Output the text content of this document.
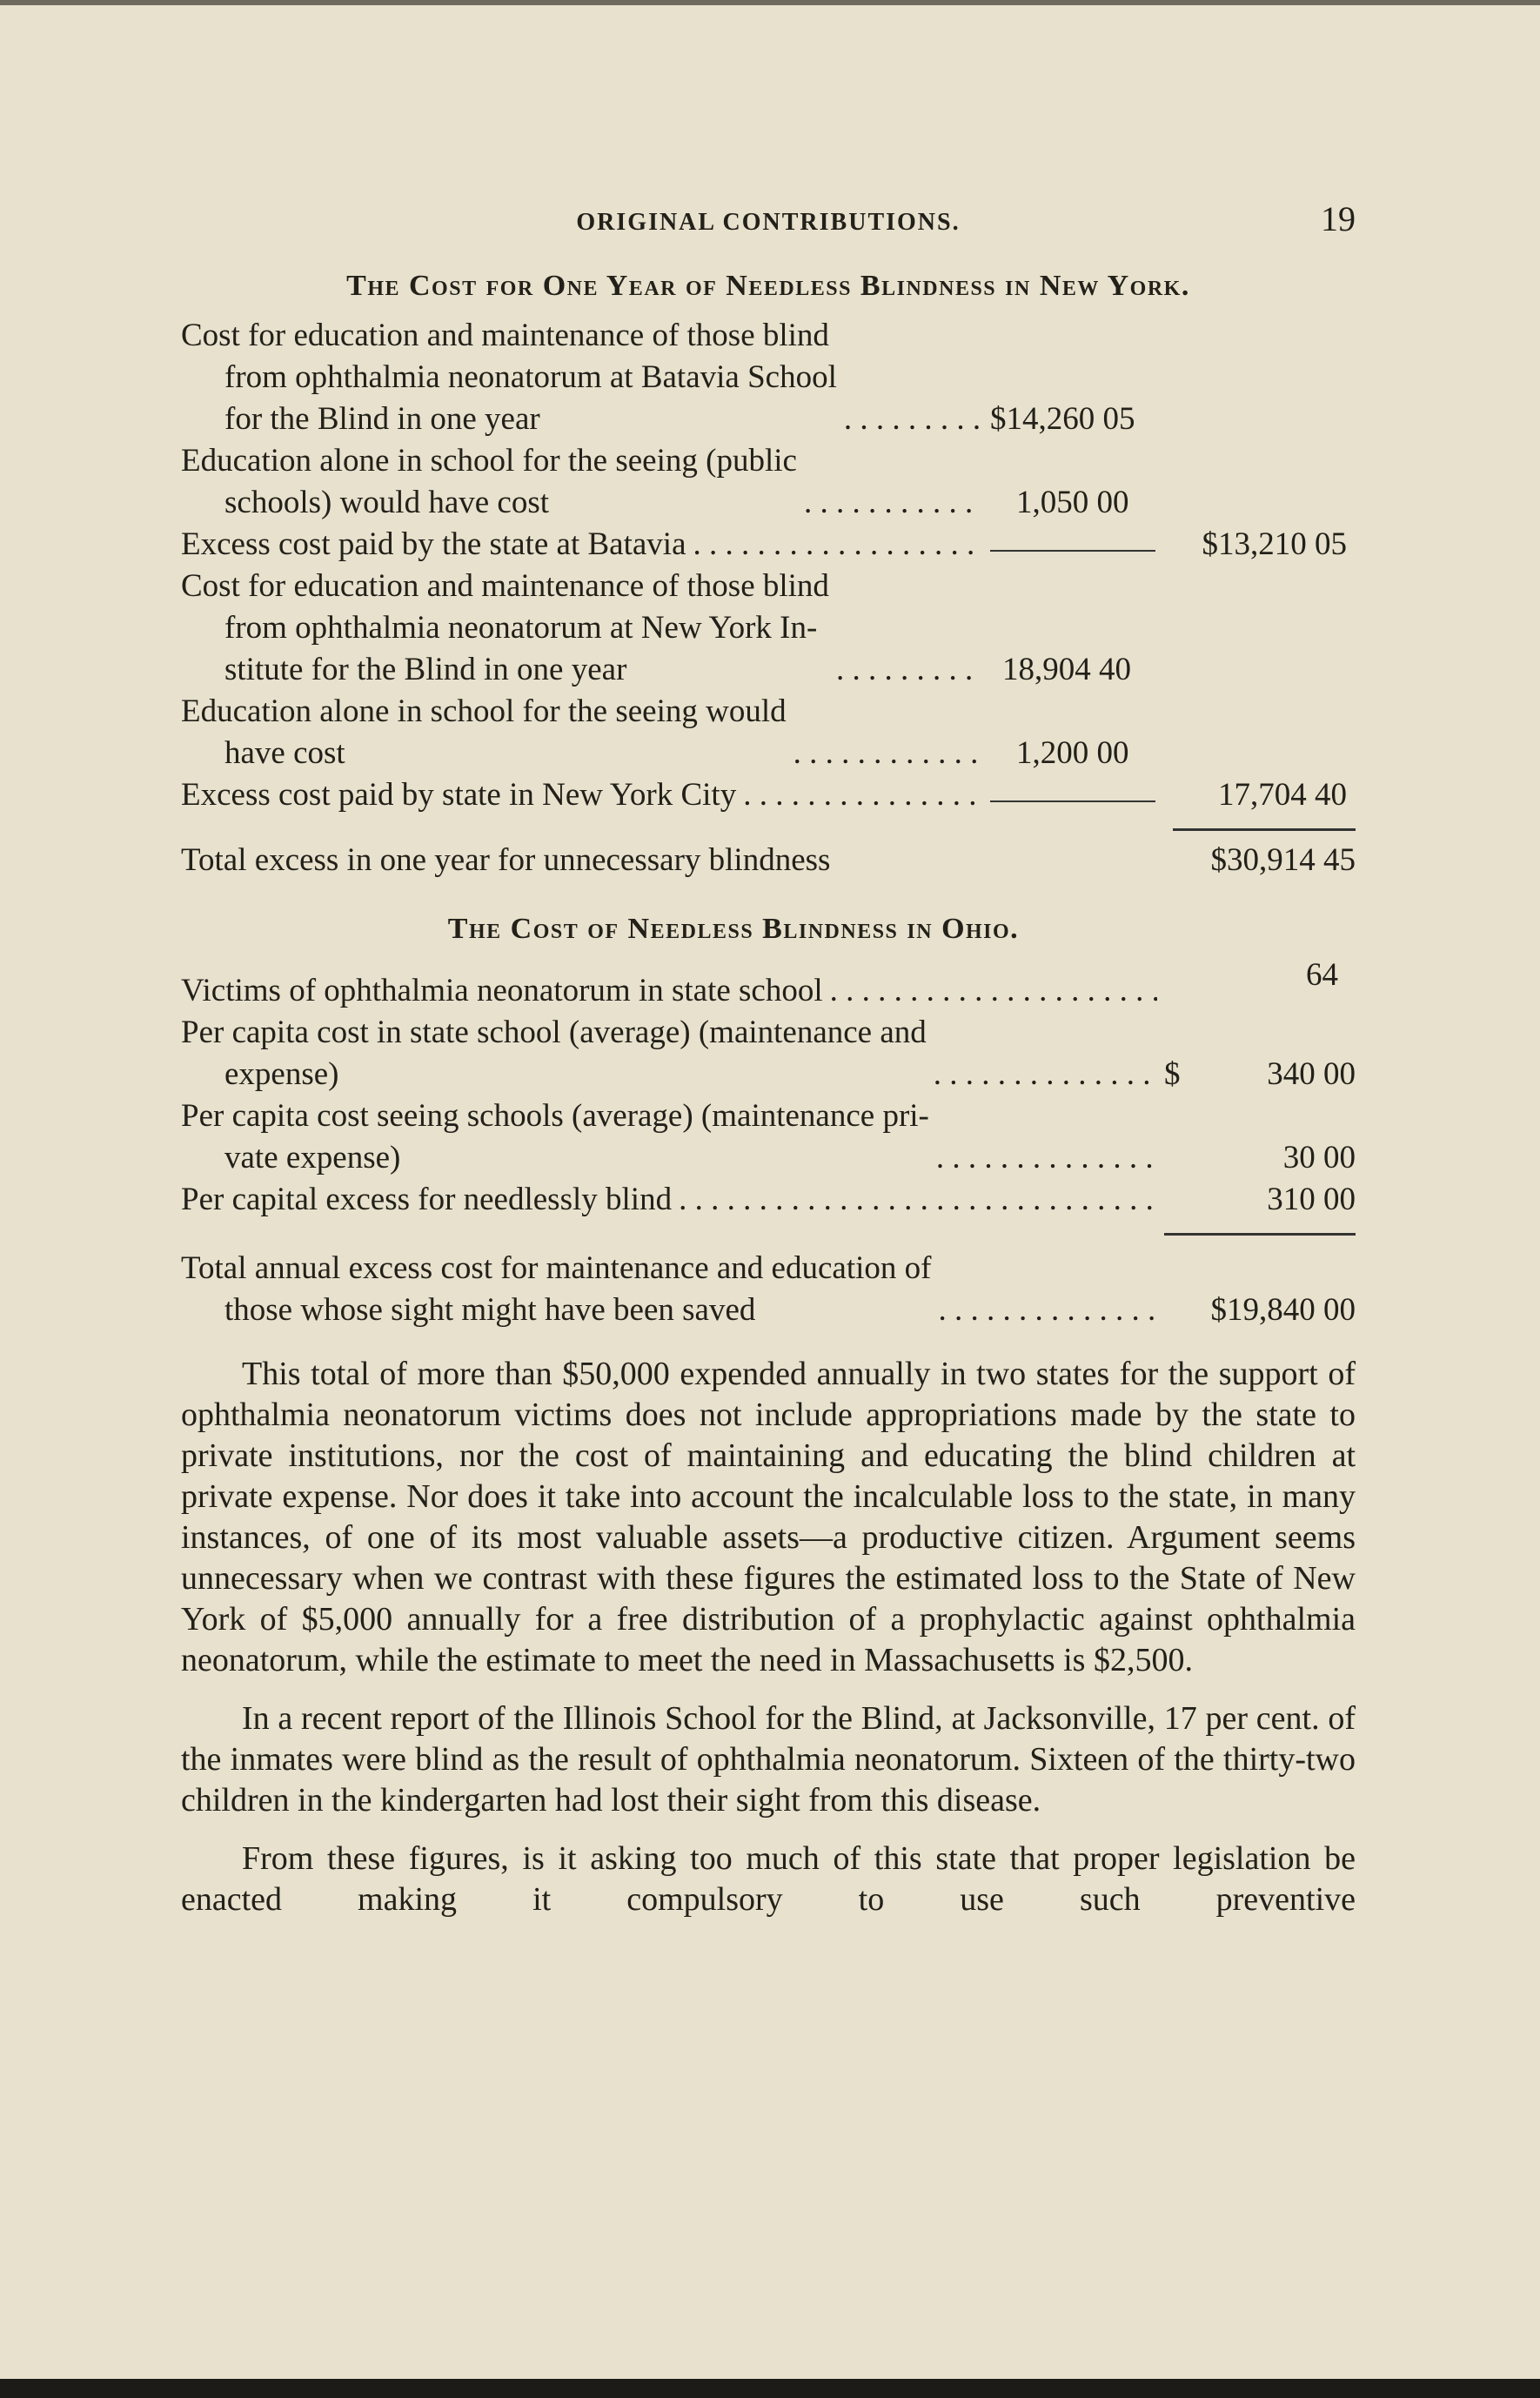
ORIGINAL CONTRIBUTIONS.	19
The Cost for One Year of Needless Blindness in New York.
Cost for education and maintenance of those blind
from ophthalmia neonatorum at Batavia School
for the Blind in one year . . .	$14,260 05
Education alone in school for the seeing (public
schools) would have cost . . .	1,050 00
Excess cost paid by the state at Batavia . . .	$13,210 05
Cost for education and maintenance of those blind
from ophthalmia neonatorum at New York In-
stitute for the Blind in one year . . .	18,904 40
Education alone in school for the seeing would
have cost . . .	1,200 00
Excess cost paid by state in New York City . . .	17,704 40
Total excess in one year for unnecessary blindness	$30,914 45
The Cost of Needless Blindness in Ohio.
Victims of ophthalmia neonatorum in state school . . .	64
Per capita cost in state school (average) (maintenance and
expense) . . .	$	340 00
Per capita cost seeing schools (average) (maintenance pri-
vate expense) . . .	30 00
Per capital excess for needlessly blind . . .	310 00
Total annual excess cost for maintenance and education of
those whose sight might have been saved . . .	$19,840 00

This total of more than $50,000 expended annually in two states for the support of ophthalmia neonatorum victims does not include appropriations made by the state to private institutions, nor the cost of maintaining and educating the blind children at private expense. Nor does it take into account the incalculable loss to the state, in many instances, of one of its most valuable assets—a productive citizen. Argument seems unnecessary when we contrast with these figures the estimated loss to the State of New York of $5,000 annually for a free distribution of a prophylactic against ophthalmia neonatorum, while the estimate to meet the need in Massachusetts is $2,500.

In a recent report of the Illinois School for the Blind, at Jacksonville, 17 per cent. of the inmates were blind as the result of ophthalmia neonatorum. Sixteen of the thirty-two children in the kindergarten had lost their sight from this disease.

From these figures, is it asking too much of this state that proper legislation be enacted making it compulsory to use such preventive
